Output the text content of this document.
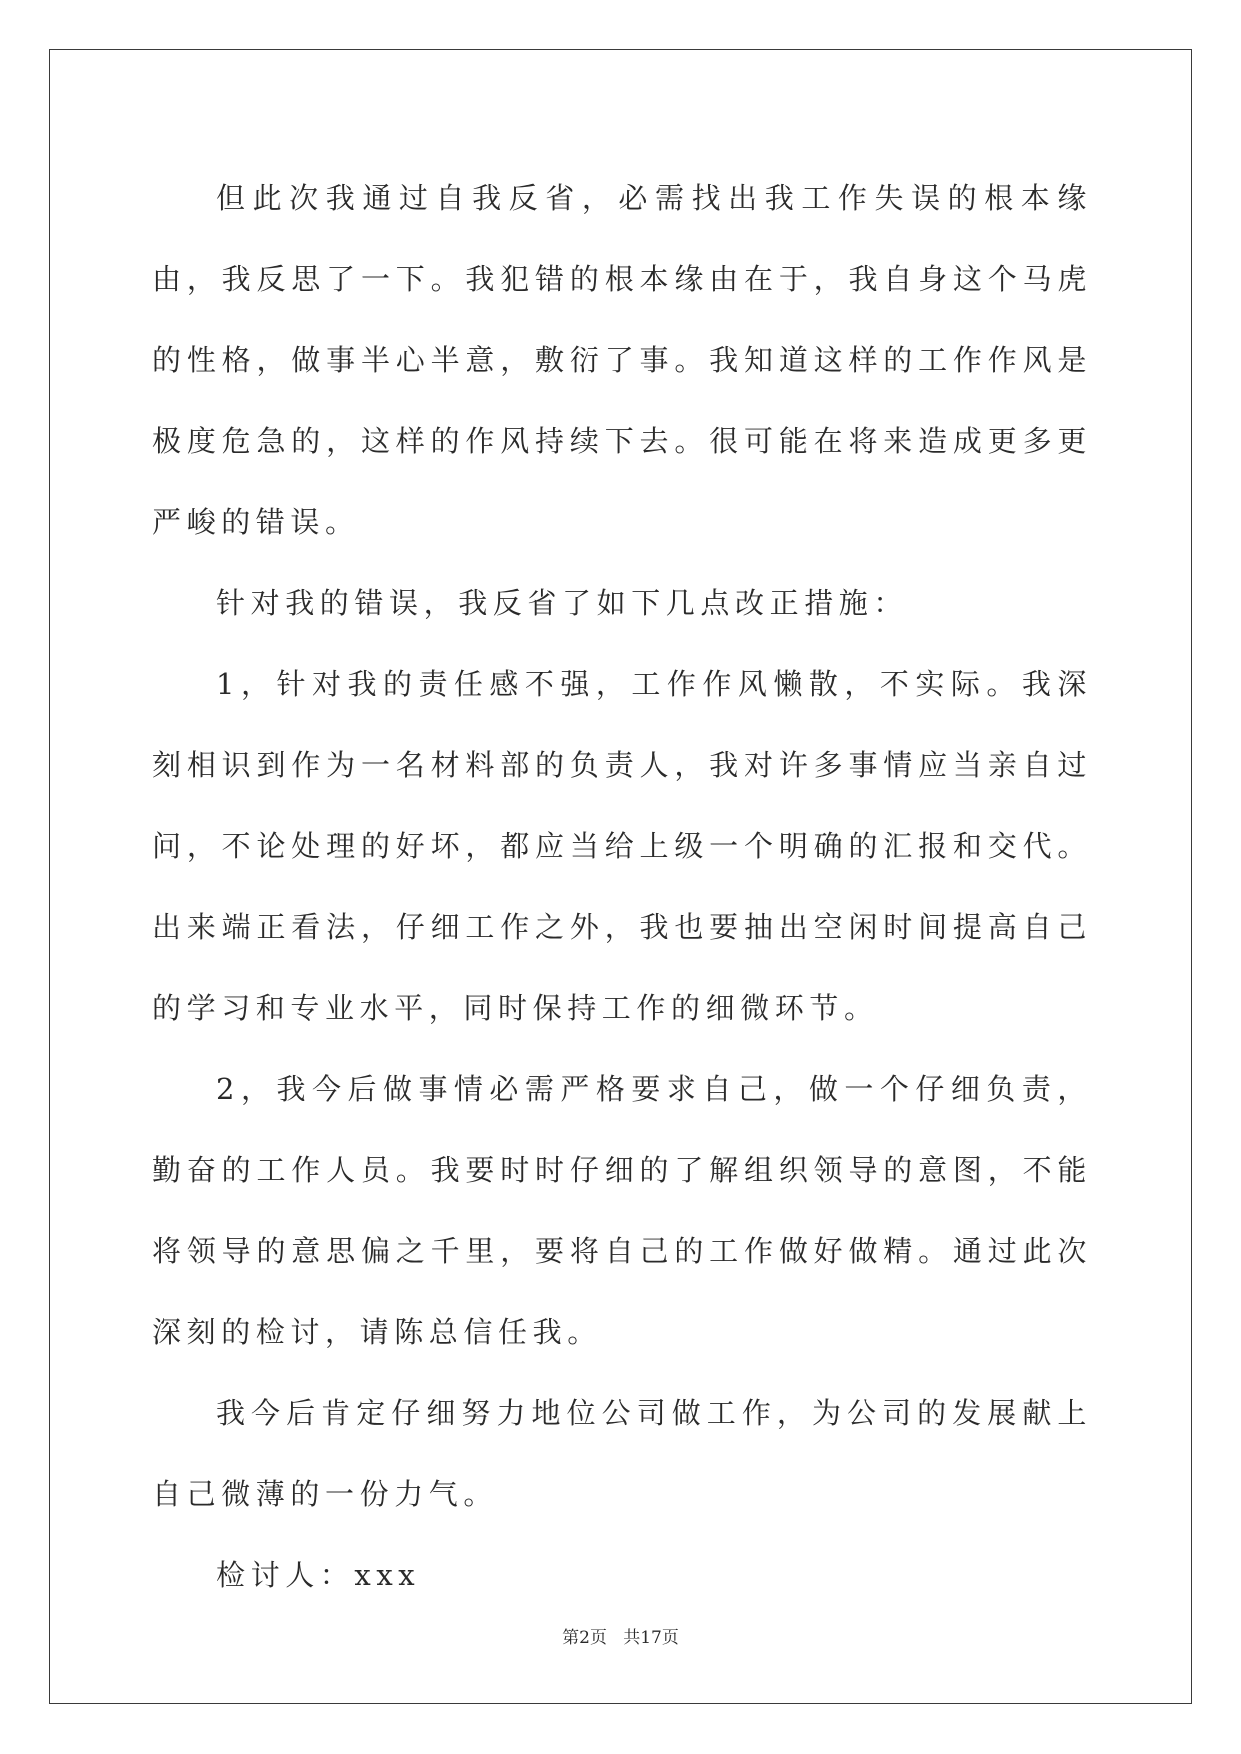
但此次我通过自我反省，必需找出我工作失误的根本缘由，我反思了一下。我犯错的根本缘由在于，我自身这个马虎的性格，做事半心半意，敷衍了事。我知道这样的工作作风是极度危急的，这样的作风持续下去。很可能在将来造成更多更严峻的错误。

针对我的错误，我反省了如下几点改正措施：

1，针对我的责任感不强，工作作风懒散，不实际。我深刻相识到作为一名材料部的负责人，我对许多事情应当亲自过问，不论处理的好坏，都应当给上级一个明确的汇报和交代。出来端正看法，仔细工作之外，我也要抽出空闲时间提高自己的学习和专业水平，同时保持工作的细微环节。

2，我今后做事情必需严格要求自己，做一个仔细负责，勤奋的工作人员。我要时时仔细的了解组织领导的意图，不能将领导的意思偏之千里，要将自己的工作做好做精。通过此次深刻的检讨，请陈总信任我。

我今后肯定仔细努力地位公司做工作，为公司的发展献上自己微薄的一份力气。

检讨人：xxx

第2页 共17页
